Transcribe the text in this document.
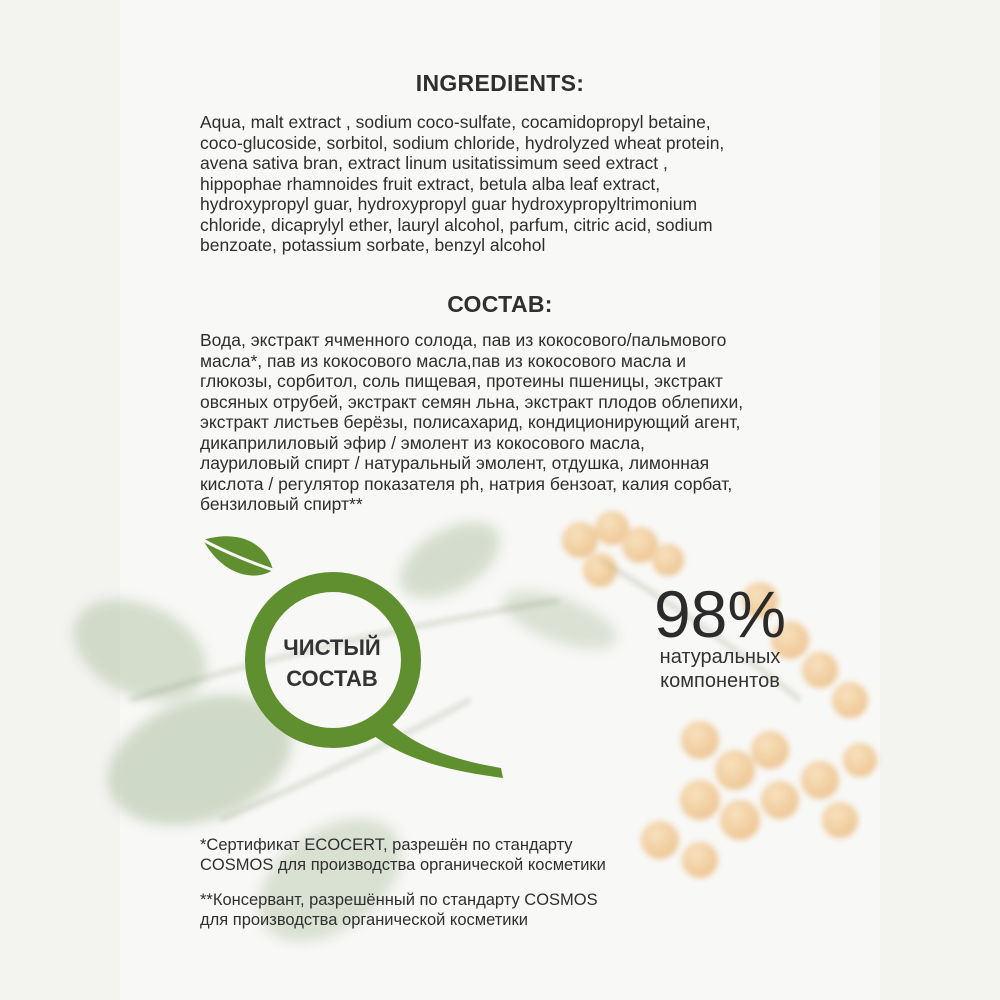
INGREDIENTS:

Aqua, malt extract , sodium coco-sulfate, cocamidopropyl betaine,
coco-glucoside, sorbitol, sodium chloride, hydrolyzed wheat protein,
avena sativa bran, extract linum usitatissimum seed extract ,
hippophae rhamnoides fruit extract, betula alba leaf extract,
hydroxypropyl guar, hydroxypropyl guar hydroxypropyltrimonium
chloride, dicaprylyl ether, lauryl alcohol, parfum, citric acid, sodium
benzoate, potassium sorbate, benzyl alcohol

СОСТАВ:

Вода, экстракт ячменного солода, пав из кокосового/пальмового
масла*, пав из кокосового масла,пав из кокосового масла и
глюкозы, сорбитол, соль пищевая, протеины пшеницы, экстракт
овсяных отрубей, экстракт семян льна, экстракт плодов облепихи,
экстракт листьев берёзы, полисахарид, кондиционирующий агент,
дикаприлиловый эфир / эмолент из кокосового масла,
лауриловый спирт / натуральный эмолент, отдушка, лимонная
кислота / регулятор показателя ph, натрия бензоат, калия сорбат,
бензиловый спирт**

ЧИСТЫЙ
СОСТАВ
98%
натуральных
компонентов

*Сертификат ECOCERT, разрешён по стандарту
COSMOS для производства органической косметики

**Консервант, разрешённый по стандарту COSMOS
для производства органической косметики
